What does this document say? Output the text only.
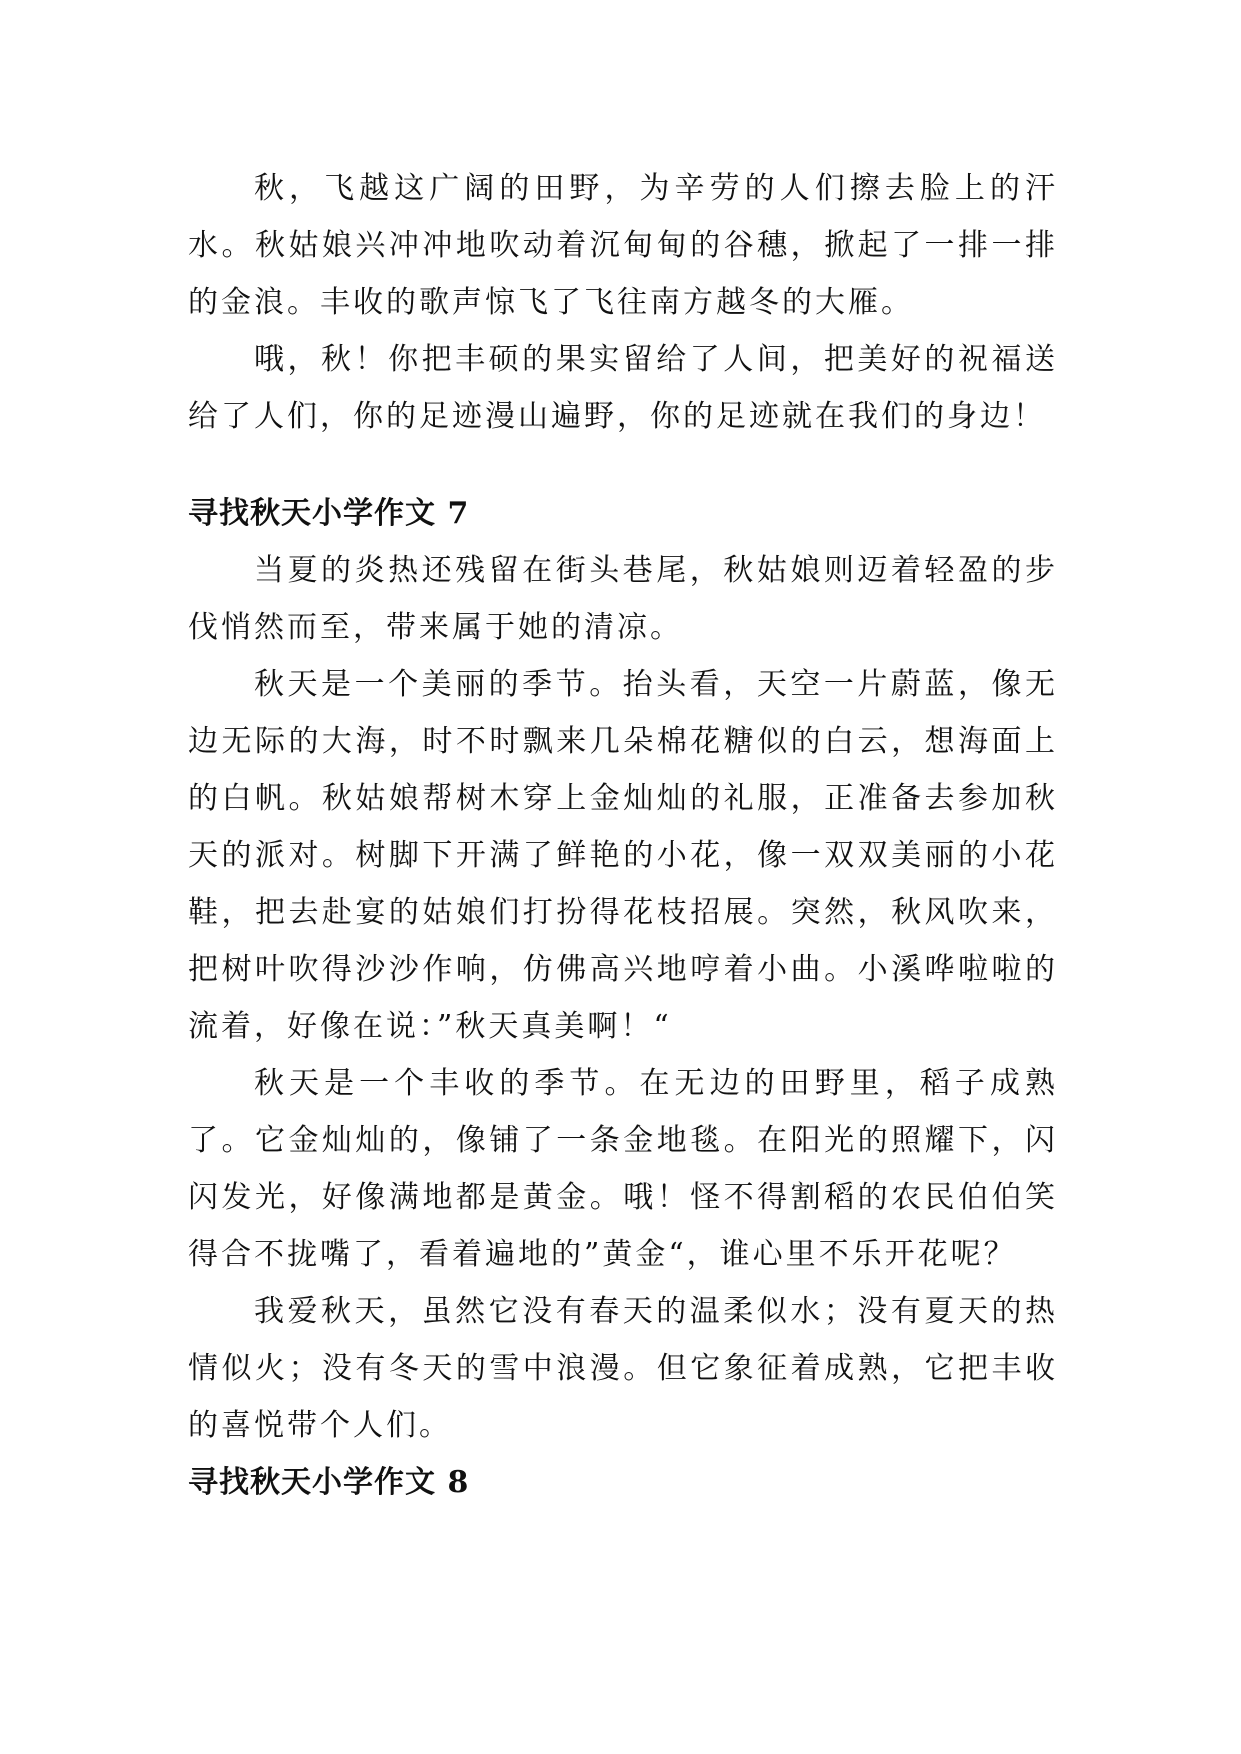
秋，飞越这广阔的田野，为辛劳的人们擦去脸上的汗水。秋姑娘兴冲冲地吹动着沉甸甸的谷穗，掀起了一排一排的金浪。丰收的歌声惊飞了飞往南方越冬的大雁。

哦，秋！你把丰硕的果实留给了人间，把美好的祝福送给了人们，你的足迹漫山遍野，你的足迹就在我们的身边！

寻找秋天小学作文 7

当夏的炎热还残留在街头巷尾，秋姑娘则迈着轻盈的步伐悄然而至，带来属于她的清凉。

秋天是一个美丽的季节。抬头看，天空一片蔚蓝，像无边无际的大海，时不时飘来几朵棉花糖似的白云，想海面上的白帆。秋姑娘帮树木穿上金灿灿的礼服，正准备去参加秋天的派对。树脚下开满了鲜艳的小花，像一双双美丽的小花鞋，把去赴宴的姑娘们打扮得花枝招展。突然，秋风吹来，把树叶吹得沙沙作响，仿佛高兴地哼着小曲。小溪哗啦啦的流着，好像在说：”秋天真美啊！“

秋天是一个丰收的季节。在无边的田野里，稻子成熟了。它金灿灿的，像铺了一条金地毯。在阳光的照耀下，闪闪发光，好像满地都是黄金。哦！怪不得割稻的农民伯伯笑得合不拢嘴了，看着遍地的”黄金“，谁心里不乐开花呢？

我爱秋天，虽然它没有春天的温柔似水；没有夏天的热情似火；没有冬天的雪中浪漫。但它象征着成熟，它把丰收的喜悦带个人们。

寻找秋天小学作文 8
